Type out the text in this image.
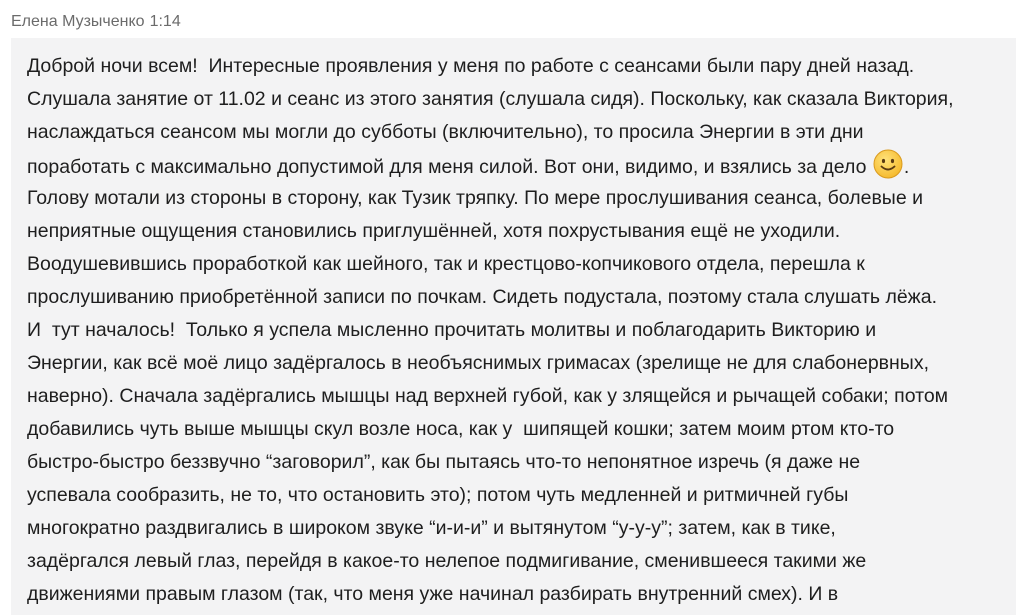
Елена Музыченко 1:14
Доброй ночи всем!  Интересные проявления у меня по работе с сеансами были пару дней назад.
Слушала занятие от 11.02 и сеанс из этого занятия (слушала сидя). Поскольку, как сказала Виктория,
наслаждаться сеансом мы могли до субботы (включительно), то просила Энергии в эти дни
поработать с максимально допустимой для меня силой. Вот они, видимо, и взялись за дело .
Голову мотали из стороны в сторону, как Тузик тряпку. По мере прослушивания сеанса, болевые и
неприятные ощущения становились приглушённей, хотя похрустывания ещё не уходили.
Воодушевившись проработкой как шейного, так и крестцово-копчикового отдела, перешла к
прослушиванию приобретённой записи по почкам. Сидеть подустала, поэтому стала слушать лёжа.
И  тут началось!  Только я успела мысленно прочитать молитвы и поблагодарить Викторию и
Энергии, как всё моё лицо задёргалось в необъяснимых гримасах (зрелище не для слабонервных,
наверно). Сначала задёргались мышцы над верхней губой, как у злящейся и рычащей собаки; потом
добавились чуть выше мышцы скул возле носа, как у  шипящей кошки; затем моим ртом кто-то
быстро-быстро беззвучно “заговорил”, как бы пытаясь что-то непонятное изречь (я даже не
успевала сообразить, не то, что остановить это); потом чуть медленней и ритмичней губы
многократно раздвигались в широком звуке “и-и-и” и вытянутом “у-у-у”; затем, как в тике,
задёргался левый глаз, перейдя в какое-то нелепое подмигивание, сменившееся такими же
движениями правым глазом (так, что меня уже начинал разбирать внутренний смех). И в
